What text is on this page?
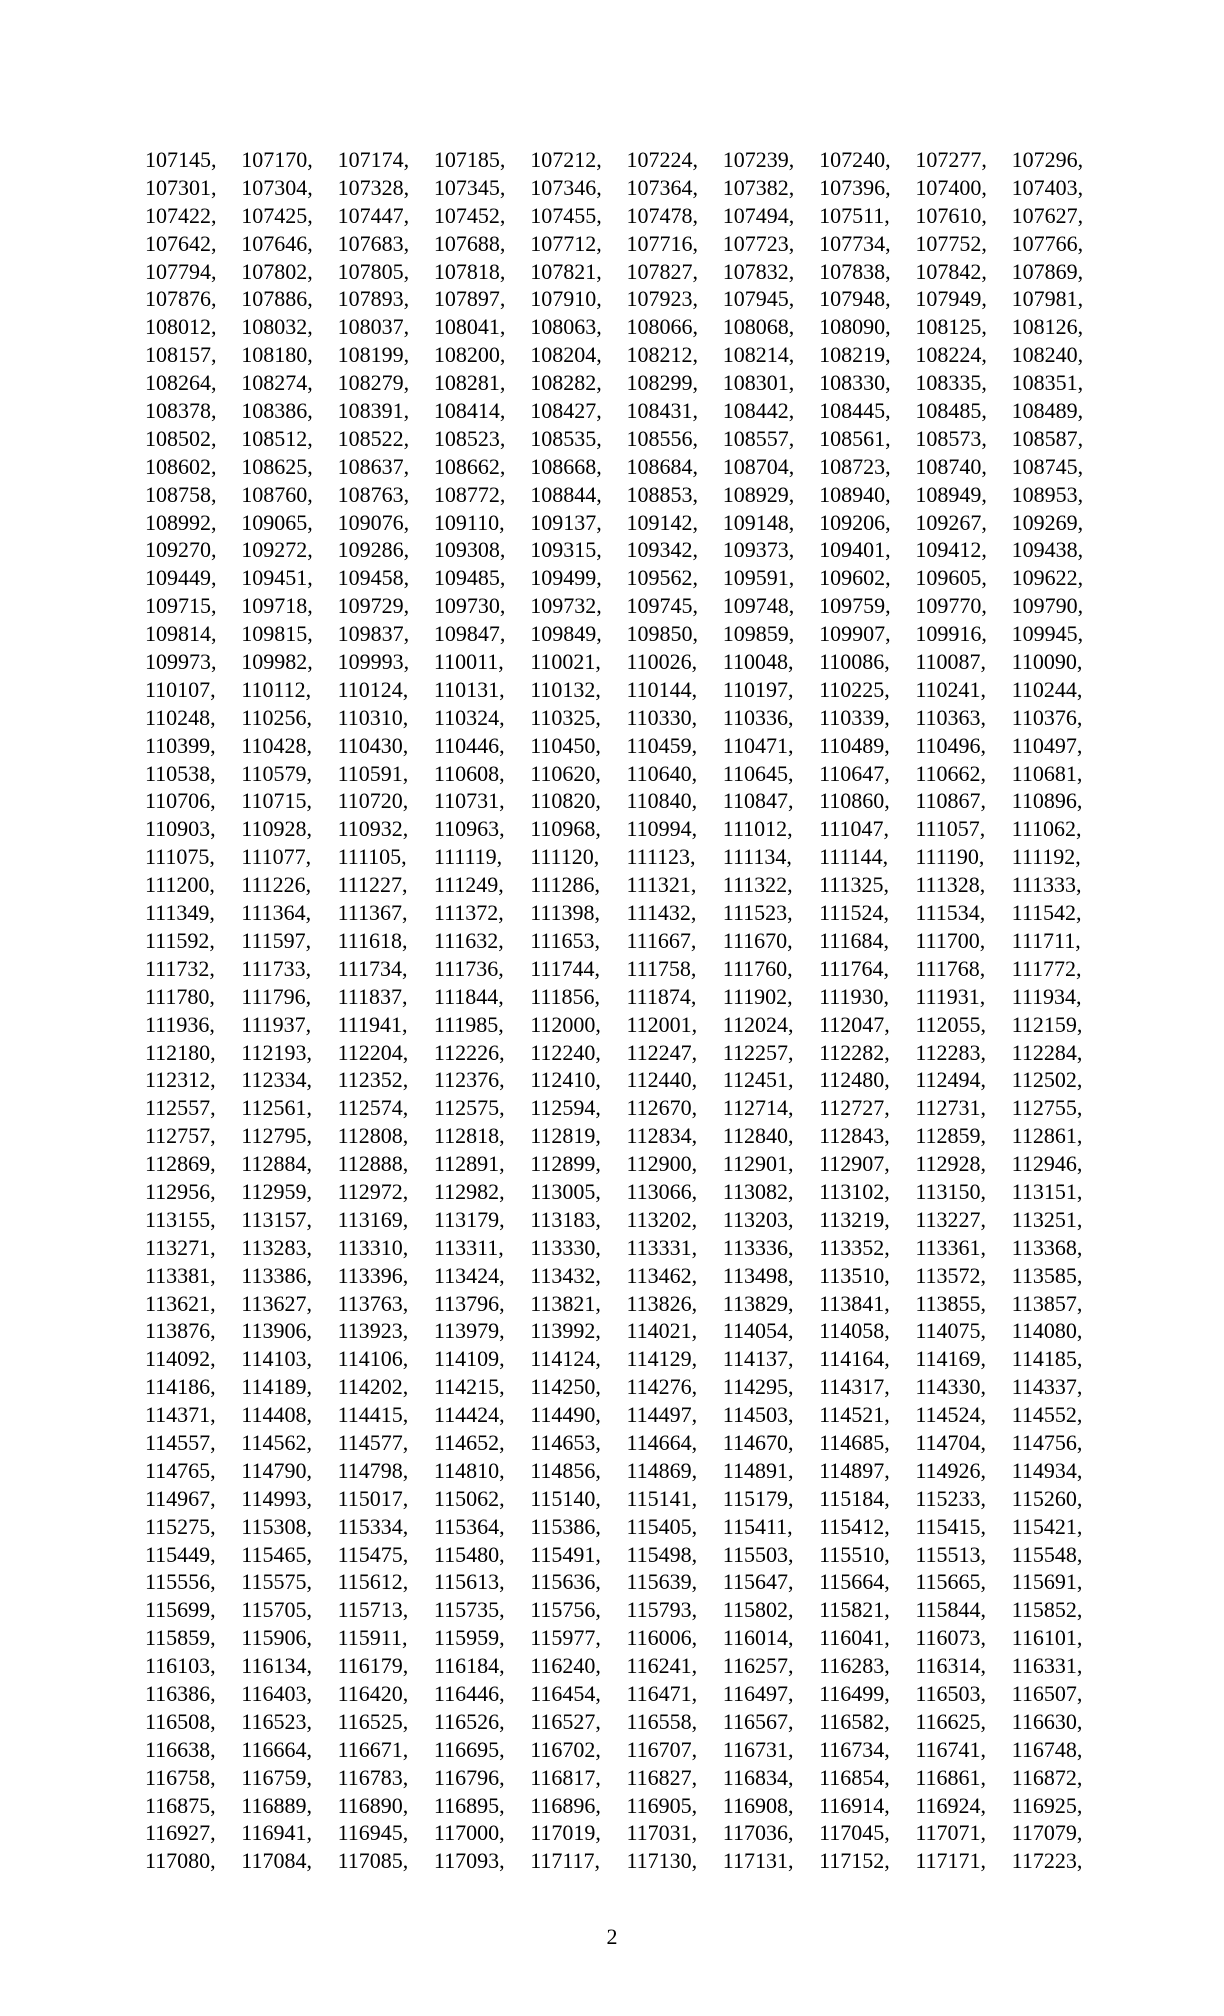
107145,	107170,	107174,	107185,	107212,	107224,	107239,	107240,	107277,	107296,
107301,	107304,	107328,	107345,	107346,	107364,	107382,	107396,	107400,	107403,
107422,	107425,	107447,	107452,	107455,	107478,	107494,	107511,	107610,	107627,
107642,	107646,	107683,	107688,	107712,	107716,	107723,	107734,	107752,	107766,
107794,	107802,	107805,	107818,	107821,	107827,	107832,	107838,	107842,	107869,
107876,	107886,	107893,	107897,	107910,	107923,	107945,	107948,	107949,	107981,
108012,	108032,	108037,	108041,	108063,	108066,	108068,	108090,	108125,	108126,
108157,	108180,	108199,	108200,	108204,	108212,	108214,	108219,	108224,	108240,
108264,	108274,	108279,	108281,	108282,	108299,	108301,	108330,	108335,	108351,
108378,	108386,	108391,	108414,	108427,	108431,	108442,	108445,	108485,	108489,
108502,	108512,	108522,	108523,	108535,	108556,	108557,	108561,	108573,	108587,
108602,	108625,	108637,	108662,	108668,	108684,	108704,	108723,	108740,	108745,
108758,	108760,	108763,	108772,	108844,	108853,	108929,	108940,	108949,	108953,
108992,	109065,	109076,	109110,	109137,	109142,	109148,	109206,	109267,	109269,
109270,	109272,	109286,	109308,	109315,	109342,	109373,	109401,	109412,	109438,
109449,	109451,	109458,	109485,	109499,	109562,	109591,	109602,	109605,	109622,
109715,	109718,	109729,	109730,	109732,	109745,	109748,	109759,	109770,	109790,
109814,	109815,	109837,	109847,	109849,	109850,	109859,	109907,	109916,	109945,
109973,	109982,	109993,	110011,	110021,	110026,	110048,	110086,	110087,	110090,
110107,	110112,	110124,	110131,	110132,	110144,	110197,	110225,	110241,	110244,
110248,	110256,	110310,	110324,	110325,	110330,	110336,	110339,	110363,	110376,
110399,	110428,	110430,	110446,	110450,	110459,	110471,	110489,	110496,	110497,
110538,	110579,	110591,	110608,	110620,	110640,	110645,	110647,	110662,	110681,
110706,	110715,	110720,	110731,	110820,	110840,	110847,	110860,	110867,	110896,
110903,	110928,	110932,	110963,	110968,	110994,	111012,	111047,	111057,	111062,
111075,	111077,	111105,	111119,	111120,	111123,	111134,	111144,	111190,	111192,
111200,	111226,	111227,	111249,	111286,	111321,	111322,	111325,	111328,	111333,
111349,	111364,	111367,	111372,	111398,	111432,	111523,	111524,	111534,	111542,
111592,	111597,	111618,	111632,	111653,	111667,	111670,	111684,	111700,	111711,
111732,	111733,	111734,	111736,	111744,	111758,	111760,	111764,	111768,	111772,
111780,	111796,	111837,	111844,	111856,	111874,	111902,	111930,	111931,	111934,
111936,	111937,	111941,	111985,	112000,	112001,	112024,	112047,	112055,	112159,
112180,	112193,	112204,	112226,	112240,	112247,	112257,	112282,	112283,	112284,
112312,	112334,	112352,	112376,	112410,	112440,	112451,	112480,	112494,	112502,
112557,	112561,	112574,	112575,	112594,	112670,	112714,	112727,	112731,	112755,
112757,	112795,	112808,	112818,	112819,	112834,	112840,	112843,	112859,	112861,
112869,	112884,	112888,	112891,	112899,	112900,	112901,	112907,	112928,	112946,
112956,	112959,	112972,	112982,	113005,	113066,	113082,	113102,	113150,	113151,
113155,	113157,	113169,	113179,	113183,	113202,	113203,	113219,	113227,	113251,
113271,	113283,	113310,	113311,	113330,	113331,	113336,	113352,	113361,	113368,
113381,	113386,	113396,	113424,	113432,	113462,	113498,	113510,	113572,	113585,
113621,	113627,	113763,	113796,	113821,	113826,	113829,	113841,	113855,	113857,
113876,	113906,	113923,	113979,	113992,	114021,	114054,	114058,	114075,	114080,
114092,	114103,	114106,	114109,	114124,	114129,	114137,	114164,	114169,	114185,
114186,	114189,	114202,	114215,	114250,	114276,	114295,	114317,	114330,	114337,
114371,	114408,	114415,	114424,	114490,	114497,	114503,	114521,	114524,	114552,
114557,	114562,	114577,	114652,	114653,	114664,	114670,	114685,	114704,	114756,
114765,	114790,	114798,	114810,	114856,	114869,	114891,	114897,	114926,	114934,
114967,	114993,	115017,	115062,	115140,	115141,	115179,	115184,	115233,	115260,
115275,	115308,	115334,	115364,	115386,	115405,	115411,	115412,	115415,	115421,
115449,	115465,	115475,	115480,	115491,	115498,	115503,	115510,	115513,	115548,
115556,	115575,	115612,	115613,	115636,	115639,	115647,	115664,	115665,	115691,
115699,	115705,	115713,	115735,	115756,	115793,	115802,	115821,	115844,	115852,
115859,	115906,	115911,	115959,	115977,	116006,	116014,	116041,	116073,	116101,
116103,	116134,	116179,	116184,	116240,	116241,	116257,	116283,	116314,	116331,
116386,	116403,	116420,	116446,	116454,	116471,	116497,	116499,	116503,	116507,
116508,	116523,	116525,	116526,	116527,	116558,	116567,	116582,	116625,	116630,
116638,	116664,	116671,	116695,	116702,	116707,	116731,	116734,	116741,	116748,
116758,	116759,	116783,	116796,	116817,	116827,	116834,	116854,	116861,	116872,
116875,	116889,	116890,	116895,	116896,	116905,	116908,	116914,	116924,	116925,
116927,	116941,	116945,	117000,	117019,	117031,	117036,	117045,	117071,	117079,
117080,	117084,	117085,	117093,	117117,	117130,	117131,	117152,	117171,	117223,
2
